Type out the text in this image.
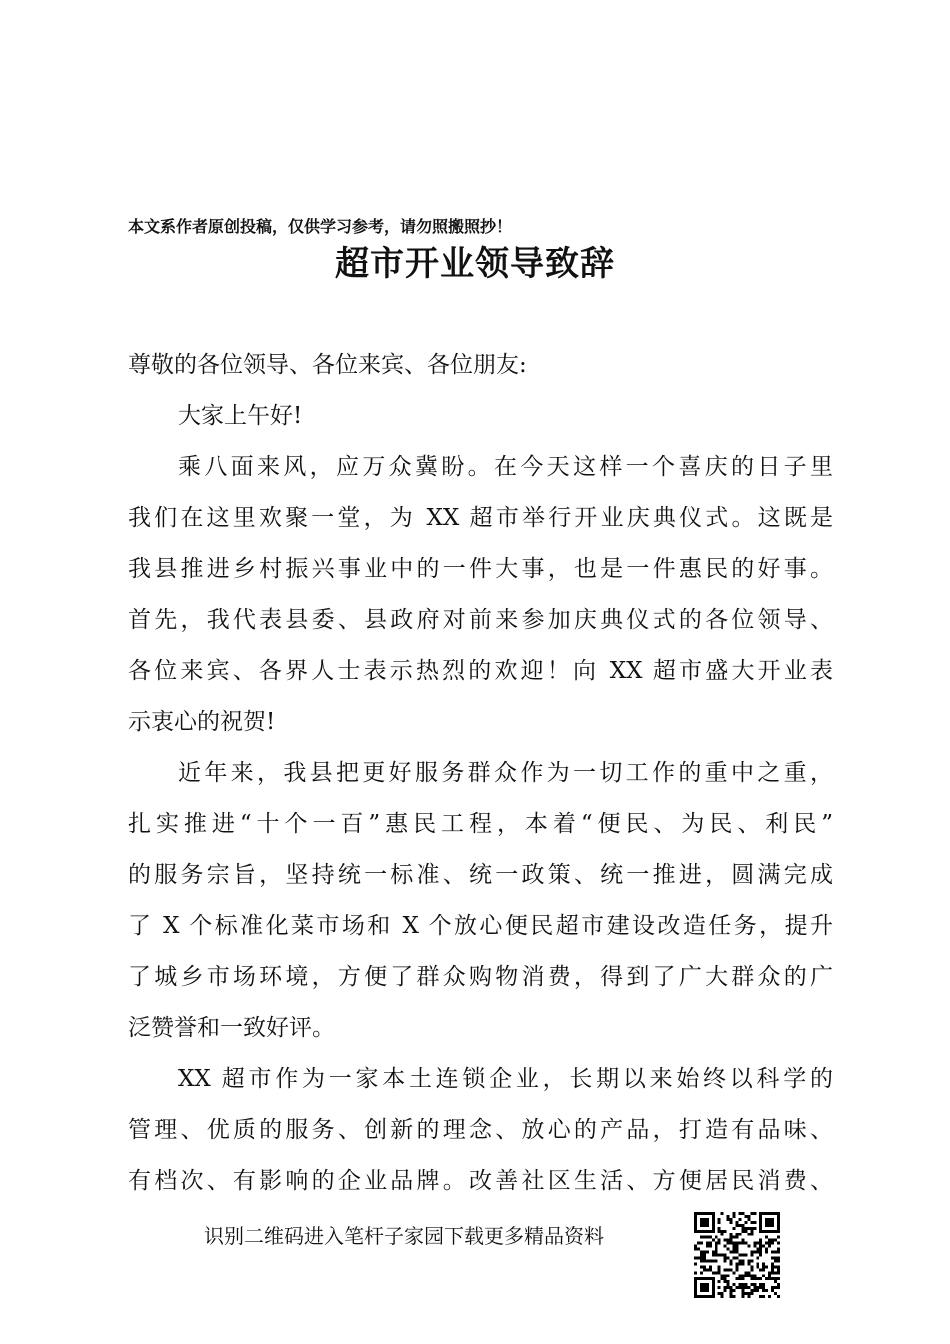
本文系作者原创投稿，仅供学习参考，请勿照搬照抄！
超市开业领导致辞
尊敬的各位领导、各位来宾、各位朋友:
大家上午好!
乘八面来风，应万众冀盼。在今天这样一个喜庆的日子里
我们在这里欢聚一堂，为 XX 超市举行开业庆典仪式。这既是
我县推进乡村振兴事业中的一件大事，也是一件惠民的好事。
首先，我代表县委、县政府对前来参加庆典仪式的各位领导、
各位来宾、各界人士表示热烈的欢迎！向 XX 超市盛大开业表
示衷心的祝贺!
近年来，我县把更好服务群众作为一切工作的重中之重，
扎实推进“十个一百”惠民工程，本着“便民、为民、利民”
的服务宗旨，坚持统一标准、统一政策、统一推进，圆满完成
了 X 个标准化菜市场和 X 个放心便民超市建设改造任务，提升
了城乡市场环境，方便了群众购物消费，得到了广大群众的广
泛赞誉和一致好评。
XX 超市作为一家本土连锁企业，长期以来始终以科学的
管理、优质的服务、创新的理念、放心的产品，打造有品味、
有档次、有影响的企业品牌。改善社区生活、方便居民消费、
识别二维码进入笔杆子家园下载更多精品资料
